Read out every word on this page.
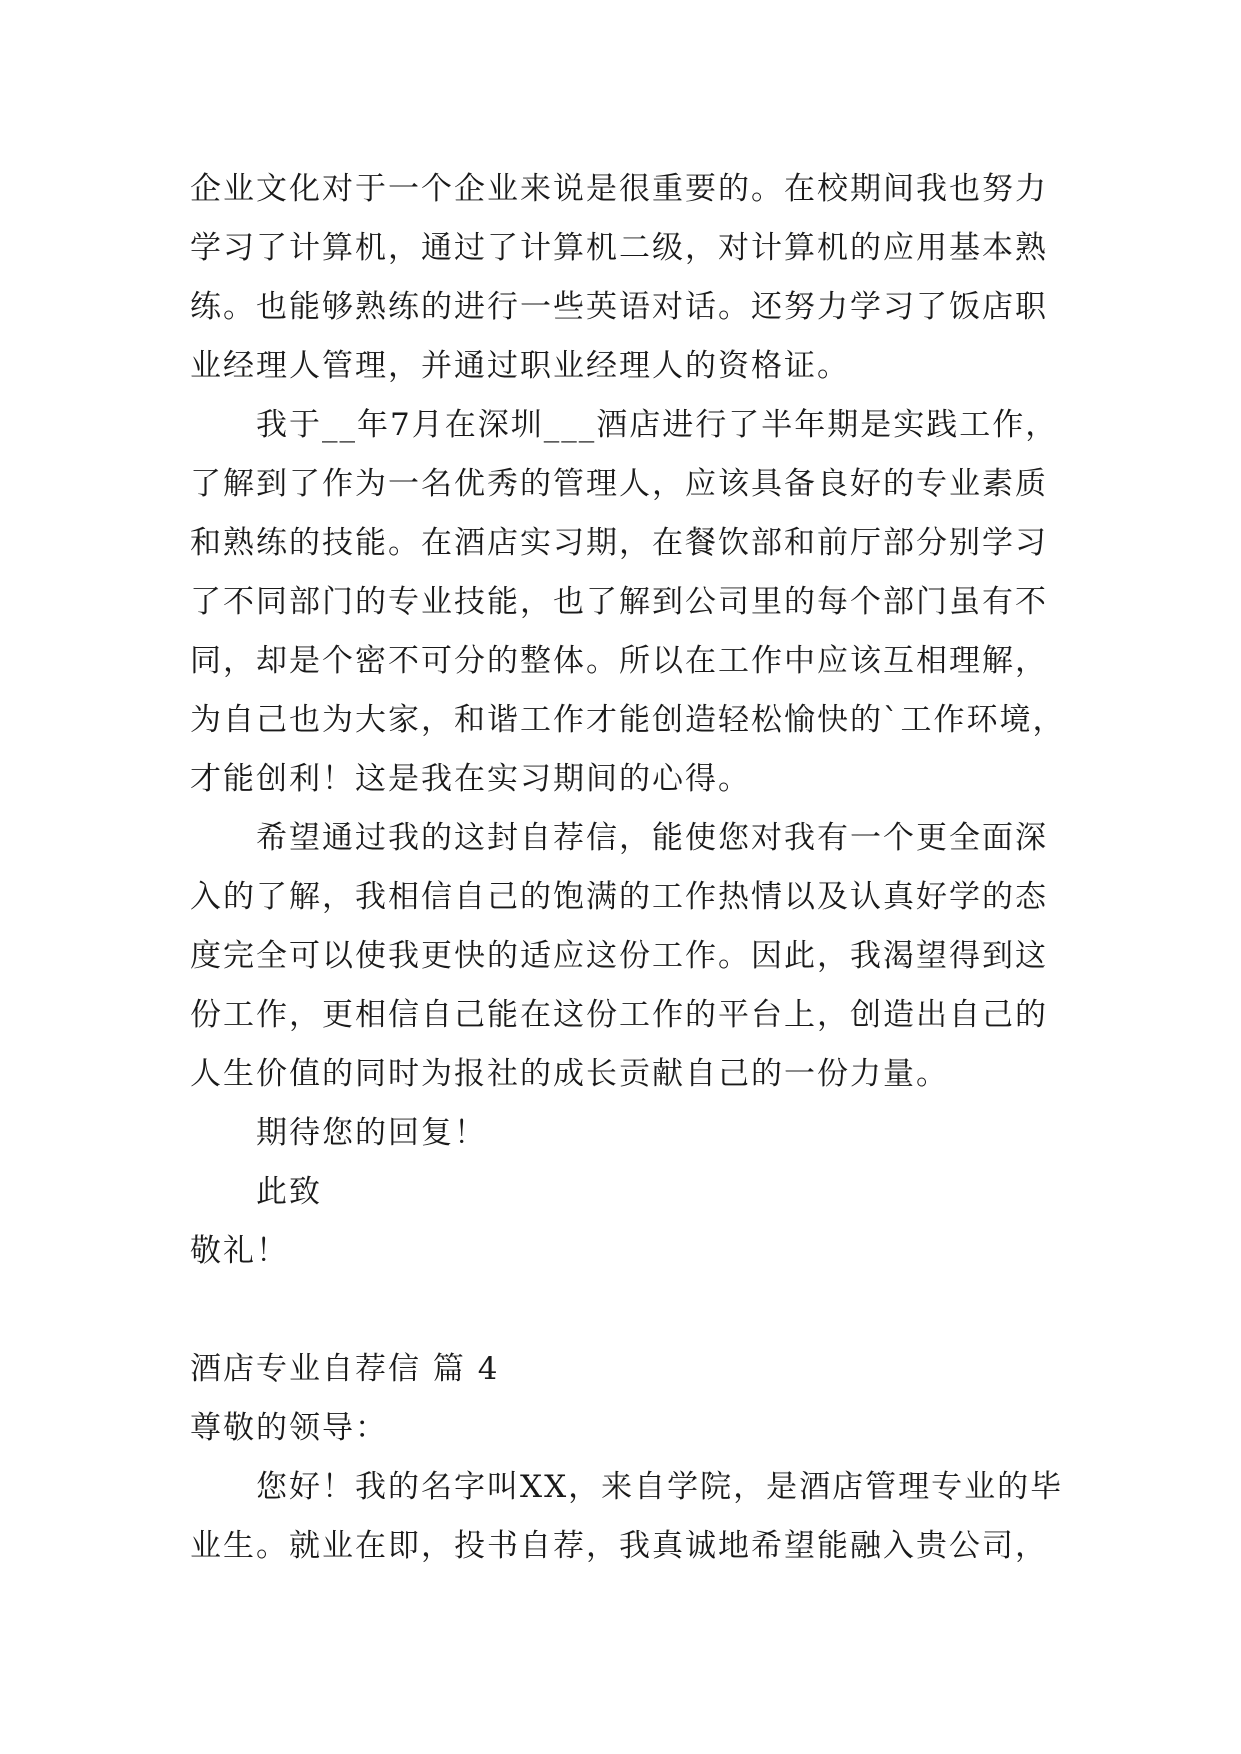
企业文化对于一个企业来说是很重要的。在校期间我也努力
学习了计算机，通过了计算机二级，对计算机的应用基本熟
练。也能够熟练的进行一些英语对话。还努力学习了饭店职
业经理人管理，并通过职业经理人的资格证。
我于__年7月在深圳___酒店进行了半年期是实践工作，
了解到了作为一名优秀的管理人，应该具备良好的专业素质
和熟练的技能。在酒店实习期，在餐饮部和前厅部分别学习
了不同部门的专业技能，也了解到公司里的每个部门虽有不
同，却是个密不可分的整体。所以在工作中应该互相理解，
为自己也为大家，和谐工作才能创造轻松愉快的`工作环境，
才能创利！这是我在实习期间的心得。
希望通过我的这封自荐信，能使您对我有一个更全面深
入的了解，我相信自己的饱满的工作热情以及认真好学的态
度完全可以使我更快的适应这份工作。因此，我渴望得到这
份工作，更相信自己能在这份工作的平台上，创造出自己的
人生价值的同时为报社的成长贡献自己的一份力量。
期待您的回复！
此致
敬礼！
酒店专业自荐信 篇 4
尊敬的领导：
您好！我的名字叫XX，来自学院，是酒店管理专业的毕
业生。就业在即，投书自荐，我真诚地希望能融入贵公司，
